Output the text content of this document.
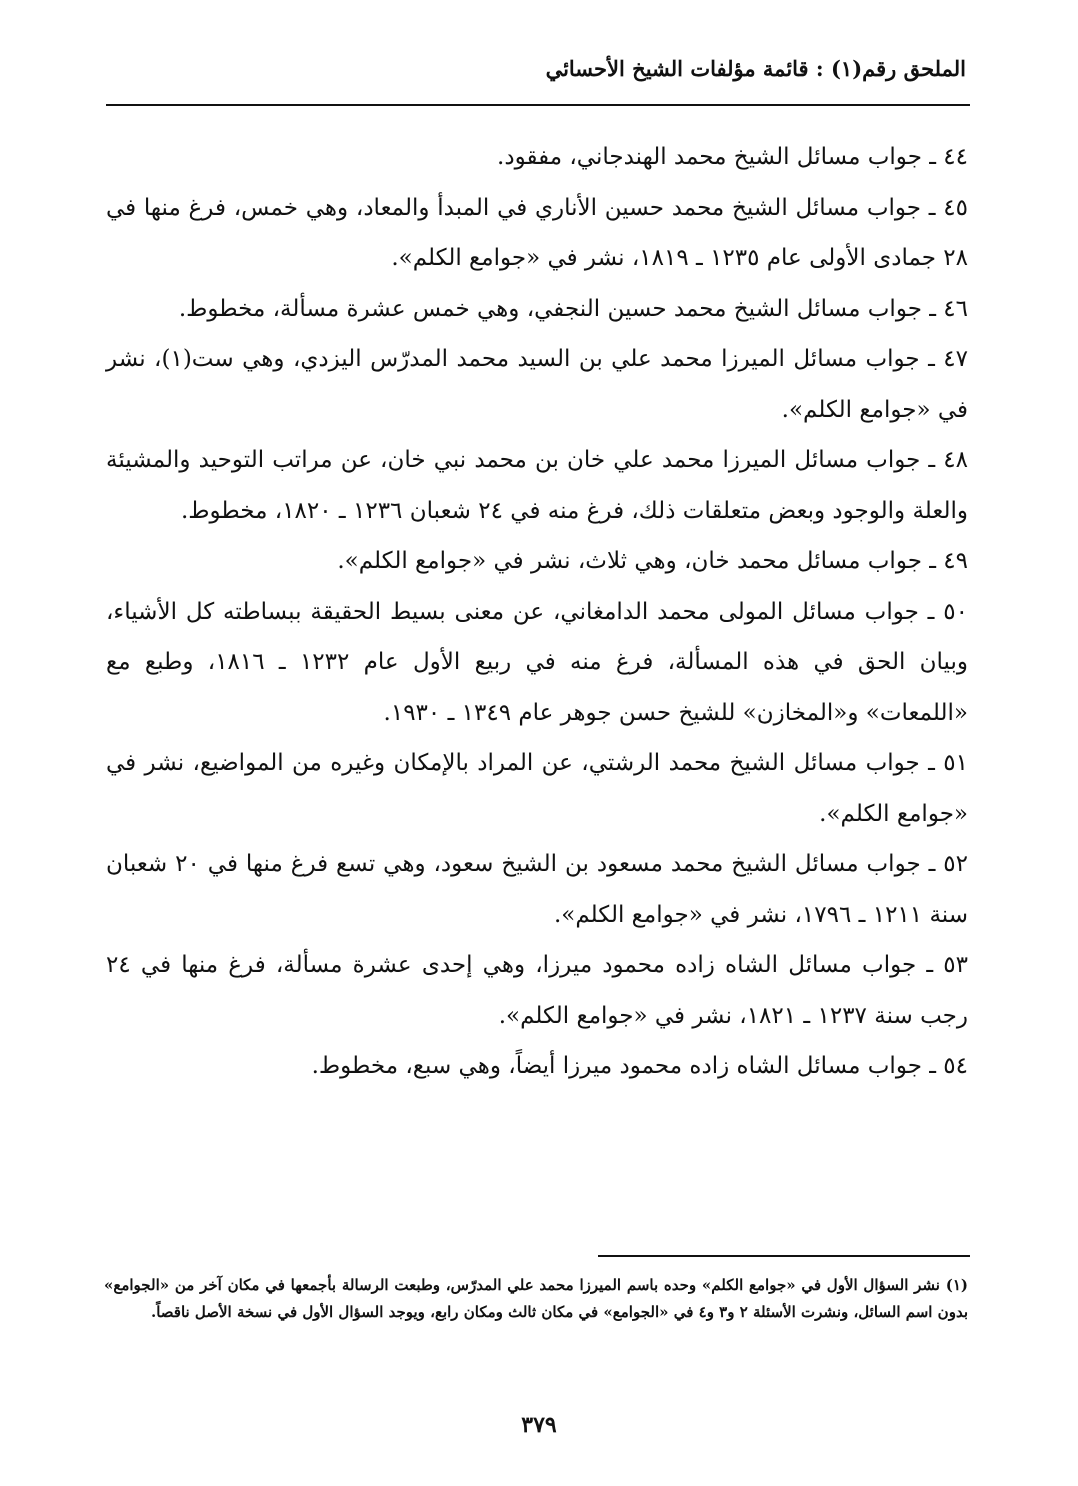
الملحق رقم(١) : قائمة مؤلفات الشيخ الأحسائي
٤٤ ـ جواب مسائل الشيخ محمد الهندجاني، مفقود.
٤٥ ـ جواب مسائل الشيخ محمد حسين الأناري في المبدأ والمعاد، وهي خمس، فرغ منها في ٢٨ جمادى الأولى عام ١٢٣٥ ـ ١٨١٩، نشر في «جوامع الكلم».
٤٦ ـ جواب مسائل الشيخ محمد حسين النجفي، وهي خمس عشرة مسألة، مخطوط.
٤٧ ـ جواب مسائل الميرزا محمد علي بن السيد محمد المدرّس اليزدي، وهي ست(١)، نشر في «جوامع الكلم».
٤٨ ـ جواب مسائل الميرزا محمد علي خان بن محمد نبي خان، عن مراتب التوحيد والمشيئة والعلة والوجود وبعض متعلقات ذلك، فرغ منه في ٢٤ شعبان ١٢٣٦ ـ ١٨٢٠، مخطوط.
٤٩ ـ جواب مسائل محمد خان، وهي ثلاث، نشر في «جوامع الكلم».
٥٠ ـ جواب مسائل المولى محمد الدامغاني، عن معنى بسيط الحقيقة ببساطته كل الأشياء، وبيان الحق في هذه المسألة، فرغ منه في ربيع الأول عام ١٢٣٢ ـ ١٨١٦، وطبع مع «اللمعات» و«المخازن» للشيخ حسن جوهر عام ١٣٤٩ ـ ١٩٣٠.
٥١ ـ جواب مسائل الشيخ محمد الرشتي، عن المراد بالإمكان وغيره من المواضيع، نشر في «جوامع الكلم».
٥٢ ـ جواب مسائل الشيخ محمد مسعود بن الشيخ سعود، وهي تسع فرغ منها في ٢٠ شعبان سنة ١٢١١ ـ ١٧٩٦، نشر في «جوامع الكلم».
٥٣ ـ جواب مسائل الشاه زاده محمود ميرزا، وهي إحدى عشرة مسألة، فرغ منها في ٢٤ رجب سنة ١٢٣٧ ـ ١٨٢١، نشر في «جوامع الكلم».
٥٤ ـ جواب مسائل الشاه زاده محمود ميرزا أيضاً، وهي سبع، مخطوط.
(١) نشر السؤال الأول في «جوامع الكلم» وحده باسم الميرزا محمد علي المدرّس، وطبعت الرسالة بأجمعها في مكان آخر من «الجوامع» بدون اسم السائل، ونشرت الأسئلة ٢ و٣ و٤ في «الجوامع» في مكان ثالث ومكان رابع، ويوجد السؤال الأول في نسخة الأصل ناقصاً.
٣٧٩
